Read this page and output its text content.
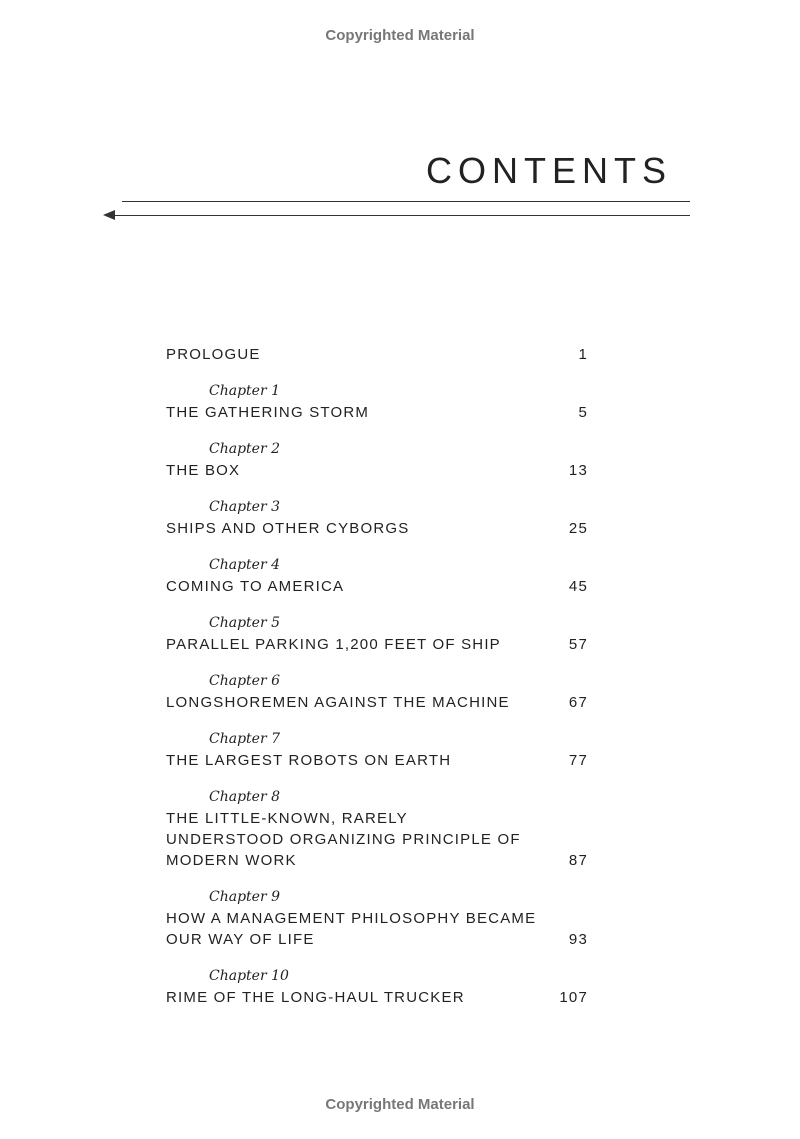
Copyrighted Material
CONTENTS
PROLOGUE	1
Chapter 1
THE GATHERING STORM	5
Chapter 2
THE BOX	13
Chapter 3
SHIPS AND OTHER CYBORGS	25
Chapter 4
COMING TO AMERICA	45
Chapter 5
PARALLEL PARKING 1,200 FEET OF SHIP	57
Chapter 6
LONGSHOREMEN AGAINST THE MACHINE	67
Chapter 7
THE LARGEST ROBOTS ON EARTH	77
Chapter 8
THE LITTLE-KNOWN, RARELY UNDERSTOOD ORGANIZING PRINCIPLE OF MODERN WORK	87
Chapter 9
HOW A MANAGEMENT PHILOSOPHY BECAME OUR WAY OF LIFE	93
Chapter 10
RIME OF THE LONG-HAUL TRUCKER	107
Copyrighted Material
